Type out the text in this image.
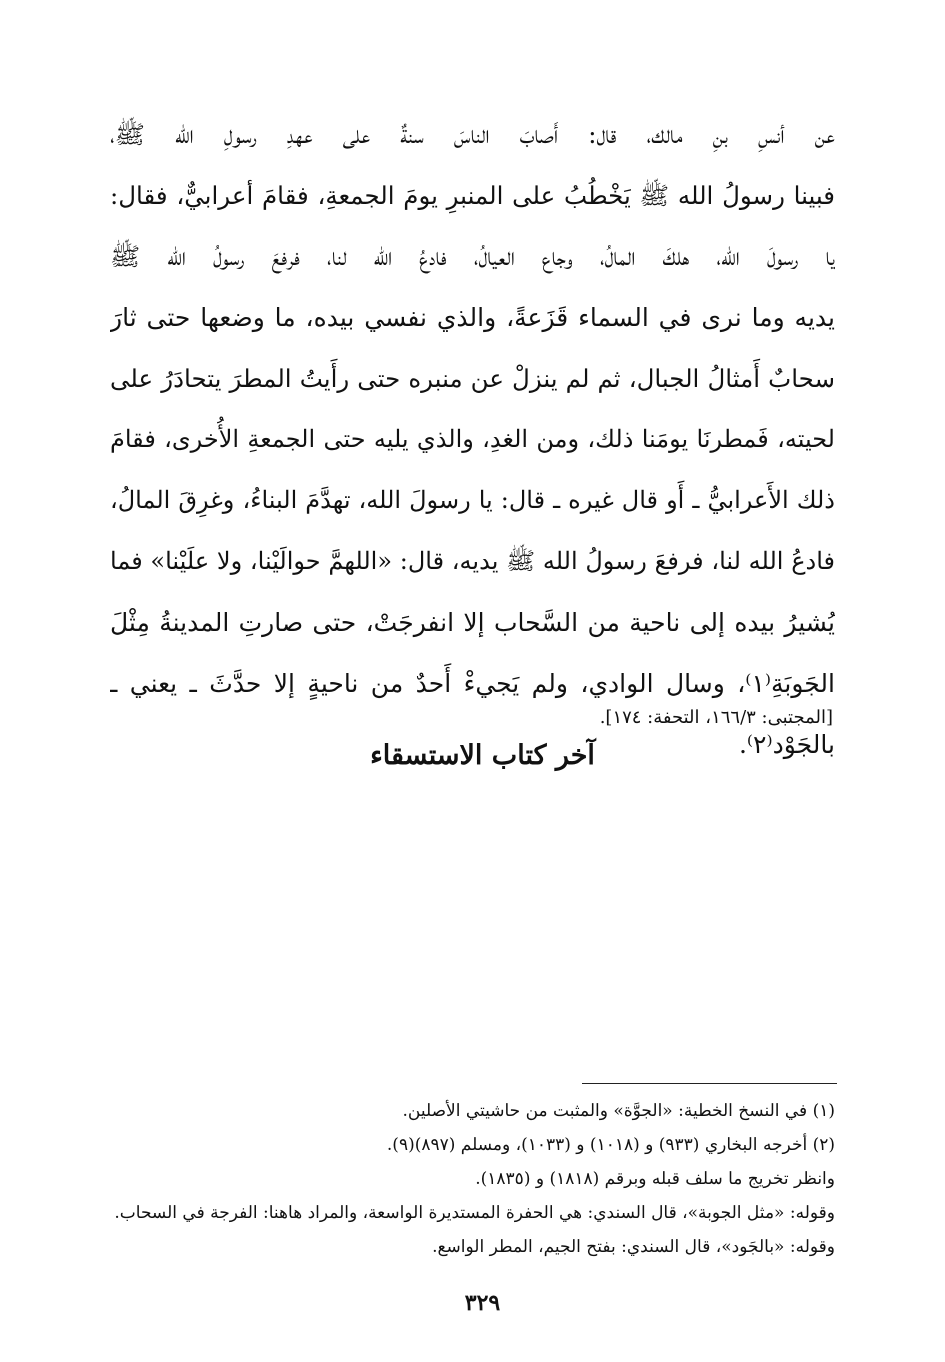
عن أنسِ بنِ مالك، قال: أَصابَ الناسَ سنةٌ على عهدِ رسولِ الله ﷺ،
فبينا رسولُ الله ﷺ يَخْطُبُ على المنبرِ يومَ الجمعةِ، فقامَ أعرابيٌّ، فقال:
يا رسولَ الله، هلكَ المالُ، وجاع العيالُ، فادعُ الله لنا، فرفعَ رسولُ الله ﷺ
يديه وما نرى في السماء قَزَعةً، والذي نفسي بيده، ما وضعها حتى ثارَ
سحابٌ أَمثالُ الجبال، ثم لم ينزلْ عن منبره حتى رأَيتُ المطرَ يتحادَرُ على
لحيته، فَمطرنَا يومَنا ذلك، ومن الغدِ، والذي يليه حتى الجمعةِ الأُخرى، فقامَ
ذلك الأَعرابيُّ ـ أَو قال غيره ـ قال: يا رسولَ الله، تهدَّمَ البناءُ، وغرِقَ المالُ،
فادعُ الله لنا، فرفعَ رسولُ الله ﷺ يديه، قال: «اللهمَّ حوالَيْنا، ولا علَيْنا» فما
يُشيرُ بيده إلى ناحية من السَّحاب إلا انفرجَتْ، حتى صارتِ المدينةُ مِثْلَ
الجَوبَةِ⁽١⁾، وسال الوادي، ولم يَجيءْ أَحدٌ من ناحيةٍ إلا حدَّثَ ـ يعني ـ
بالجَوْد⁽٢⁾.
[المجتبى: ١٦٦/٣، التحفة: ١٧٤].
آخر كتاب الاستسقاء
(١) في النسخ الخطية: «الجوَّة» والمثبت من حاشيتي الأصلين.
(٢) أخرجه البخاري (٩٣٣) و (١٠١٨) و (١٠٣٣)، ومسلم (٨٩٧)(٩).
وانظر تخريج ما سلف قبله وبرقم (١٨١٨) و (١٨٣٥).
وقوله: «مثل الجوبة»، قال السندي: هي الحفرة المستديرة الواسعة، والمراد هاهنا: الفرجة في السحاب.
وقوله: «بالجَود»، قال السندي: بفتح الجيم، المطر الواسع.
٣٢٩
